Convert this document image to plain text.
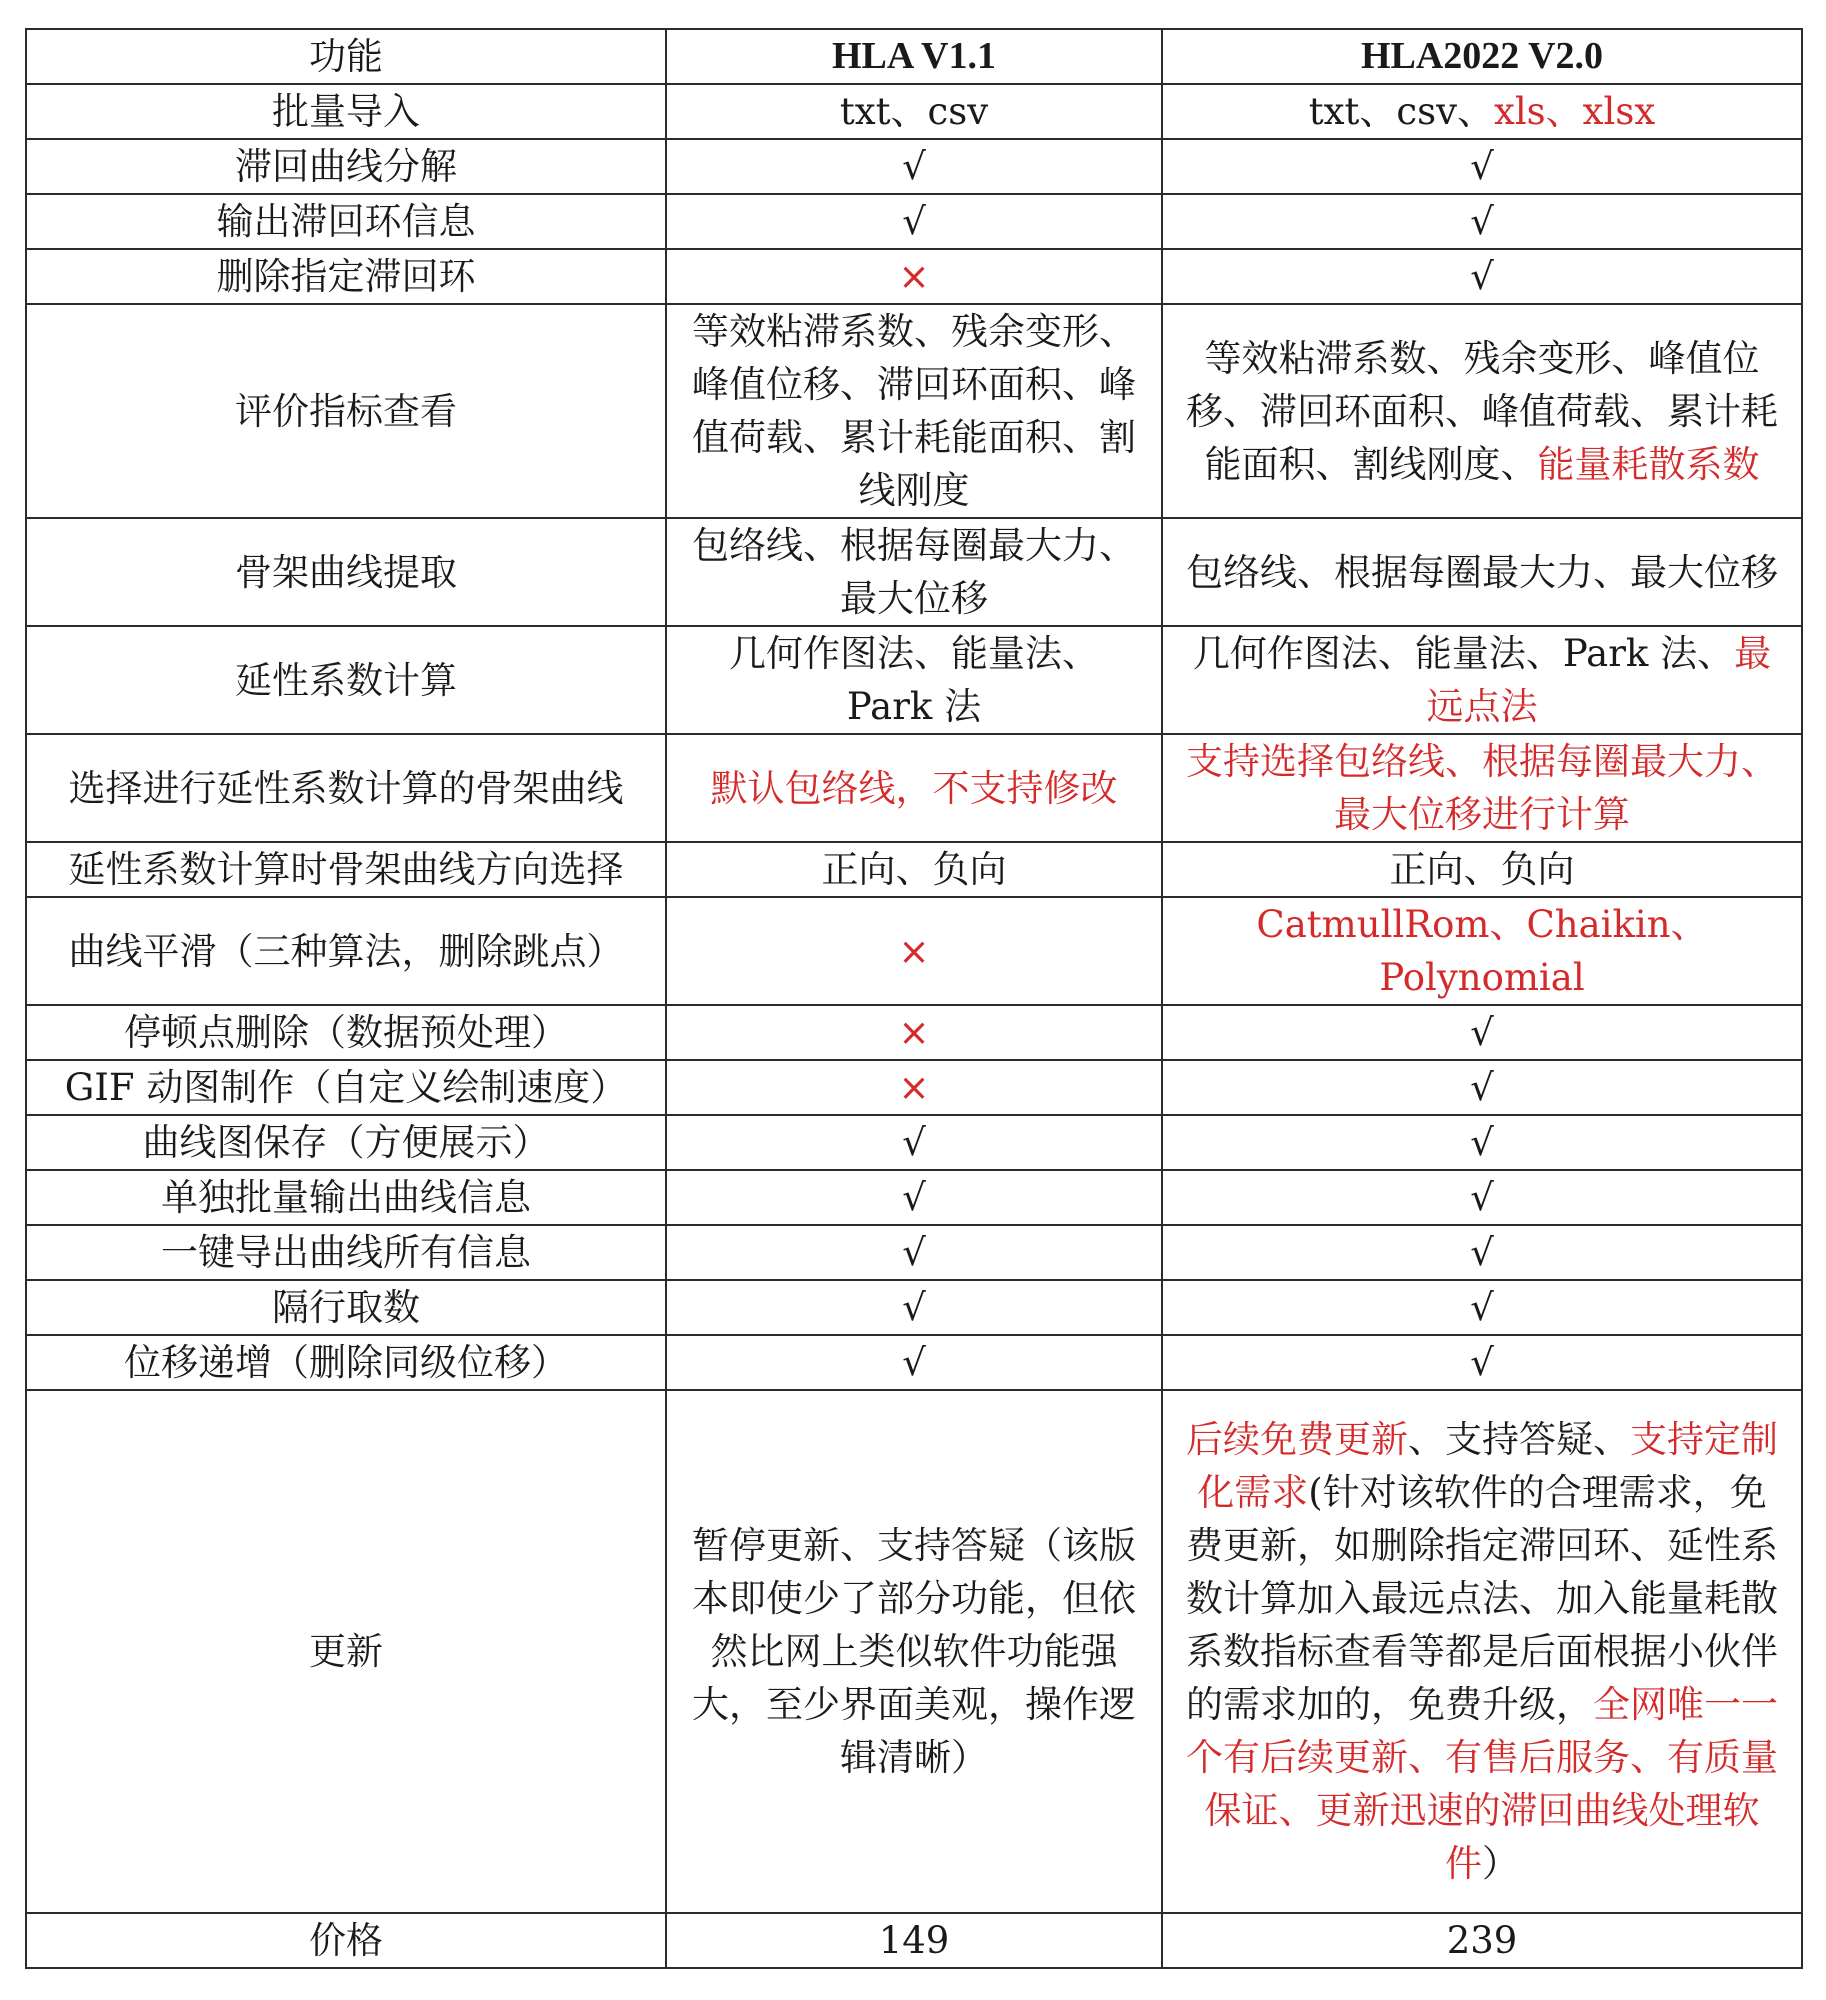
功能	HLA V1.1	HLA2022 V2.0
批量导入	txt、csv	txt、csv、xls、xlsx
滞回曲线分解	√	√
输出滞回环信息	√	√
删除指定滞回环	×	√
评价指标查看	等效粘滞系数、残余变形、峰值位移、滞回环面积、峰值荷载、累计耗能面积、割线刚度	等效粘滞系数、残余变形、峰值位移、滞回环面积、峰值荷载、累计耗能面积、割线刚度、能量耗散系数
骨架曲线提取	包络线、根据每圈最大力、最大位移	包络线、根据每圈最大力、最大位移
延性系数计算	几何作图法、能量法、Park 法	几何作图法、能量法、Park 法、最远点法
选择进行延性系数计算的骨架曲线	默认包络线，不支持修改	支持选择包络线、根据每圈最大力、最大位移进行计算
延性系数计算时骨架曲线方向选择	正向、负向	正向、负向
曲线平滑（三种算法，删除跳点）	×	CatmullRom、Chaikin、Polynomial
停顿点删除（数据预处理）	×	√
GIF 动图制作（自定义绘制速度）	×	√
曲线图保存（方便展示）	√	√
单独批量输出曲线信息	√	√
一键导出曲线所有信息	√	√
隔行取数	√	√
位移递增（删除同级位移）	√	√
更新	暂停更新、支持答疑（该版本即使少了部分功能，但依然比网上类似软件功能强大，至少界面美观，操作逻辑清晰）	后续免费更新、支持答疑、支持定制化需求(针对该软件的合理需求，免费更新，如删除指定滞回环、延性系数计算加入最远点法、加入能量耗散系数指标查看等都是后面根据小伙伴的需求加的，免费升级，全网唯一一个有后续更新、有售后服务、有质量保证、更新迅速的滞回曲线处理软件）
价格	149	239
